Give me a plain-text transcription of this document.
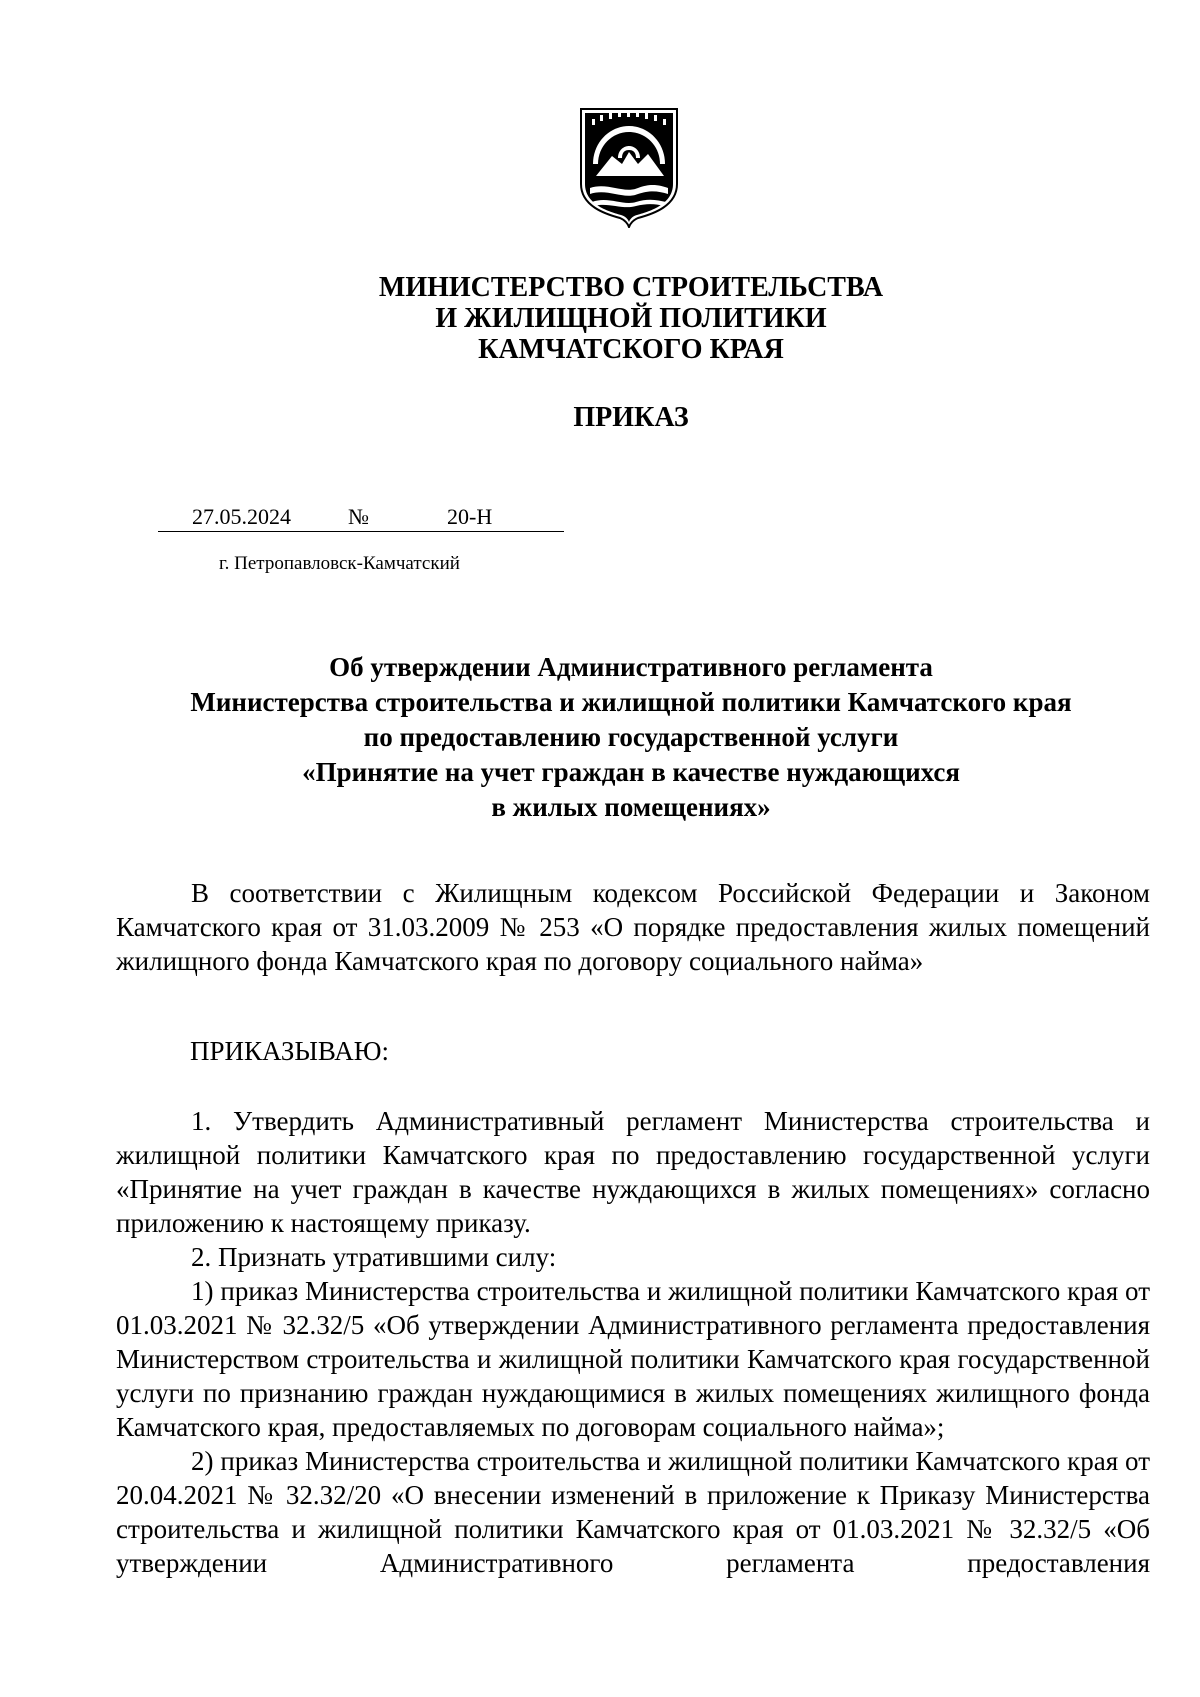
МИНИСТЕРСТВО СТРОИТЕЛЬСТВА
И ЖИЛИЩНОЙ ПОЛИТИКИ
КАМЧАТСКОГО КРАЯ
ПРИКАЗ
27.05.2024	№	20-Н
г. Петропавловск-Камчатский
Об утверждении Административного регламента
Министерства строительства и жилищной политики Камчатского края
по предоставлению государственной услуги
«Принятие на учет граждан в качестве нуждающихся
в жилых помещениях»

В соответствии с Жилищным кодексом Российской Федерации и Законом Камчатского края от 31.03.2009 № 253 «О порядке предоставления жилых помещений жилищного фонда Камчатского края по договору социального найма»

ПРИКАЗЫВАЮ:

1. Утвердить Административный регламент Министерства строительства и жилищной политики Камчатского края по предоставлению государственной услуги «Принятие на учет граждан в качестве нуждающихся в жилых помещениях» согласно приложению к настоящему приказу.

2. Признать утратившими силу:

1) приказ Министерства строительства и жилищной политики Камчатского края от 01.03.2021 № 32.32/5 «Об утверждении Административного регламента предоставления Министерством строительства и жилищной политики Камчатского края государственной услуги по признанию граждан нуждающимися в жилых помещениях жилищного фонда Камчатского края, предоставляемых по договорам социального найма»;

2) приказ Министерства строительства и жилищной политики Камчатского края от 20.04.2021 № 32.32/20 «О внесении изменений в приложение к Приказу Министерства строительства и жилищной политики Камчатского края от 01.03.2021 № 32.32/5 «Об утверждении Административного регламента предоставления
